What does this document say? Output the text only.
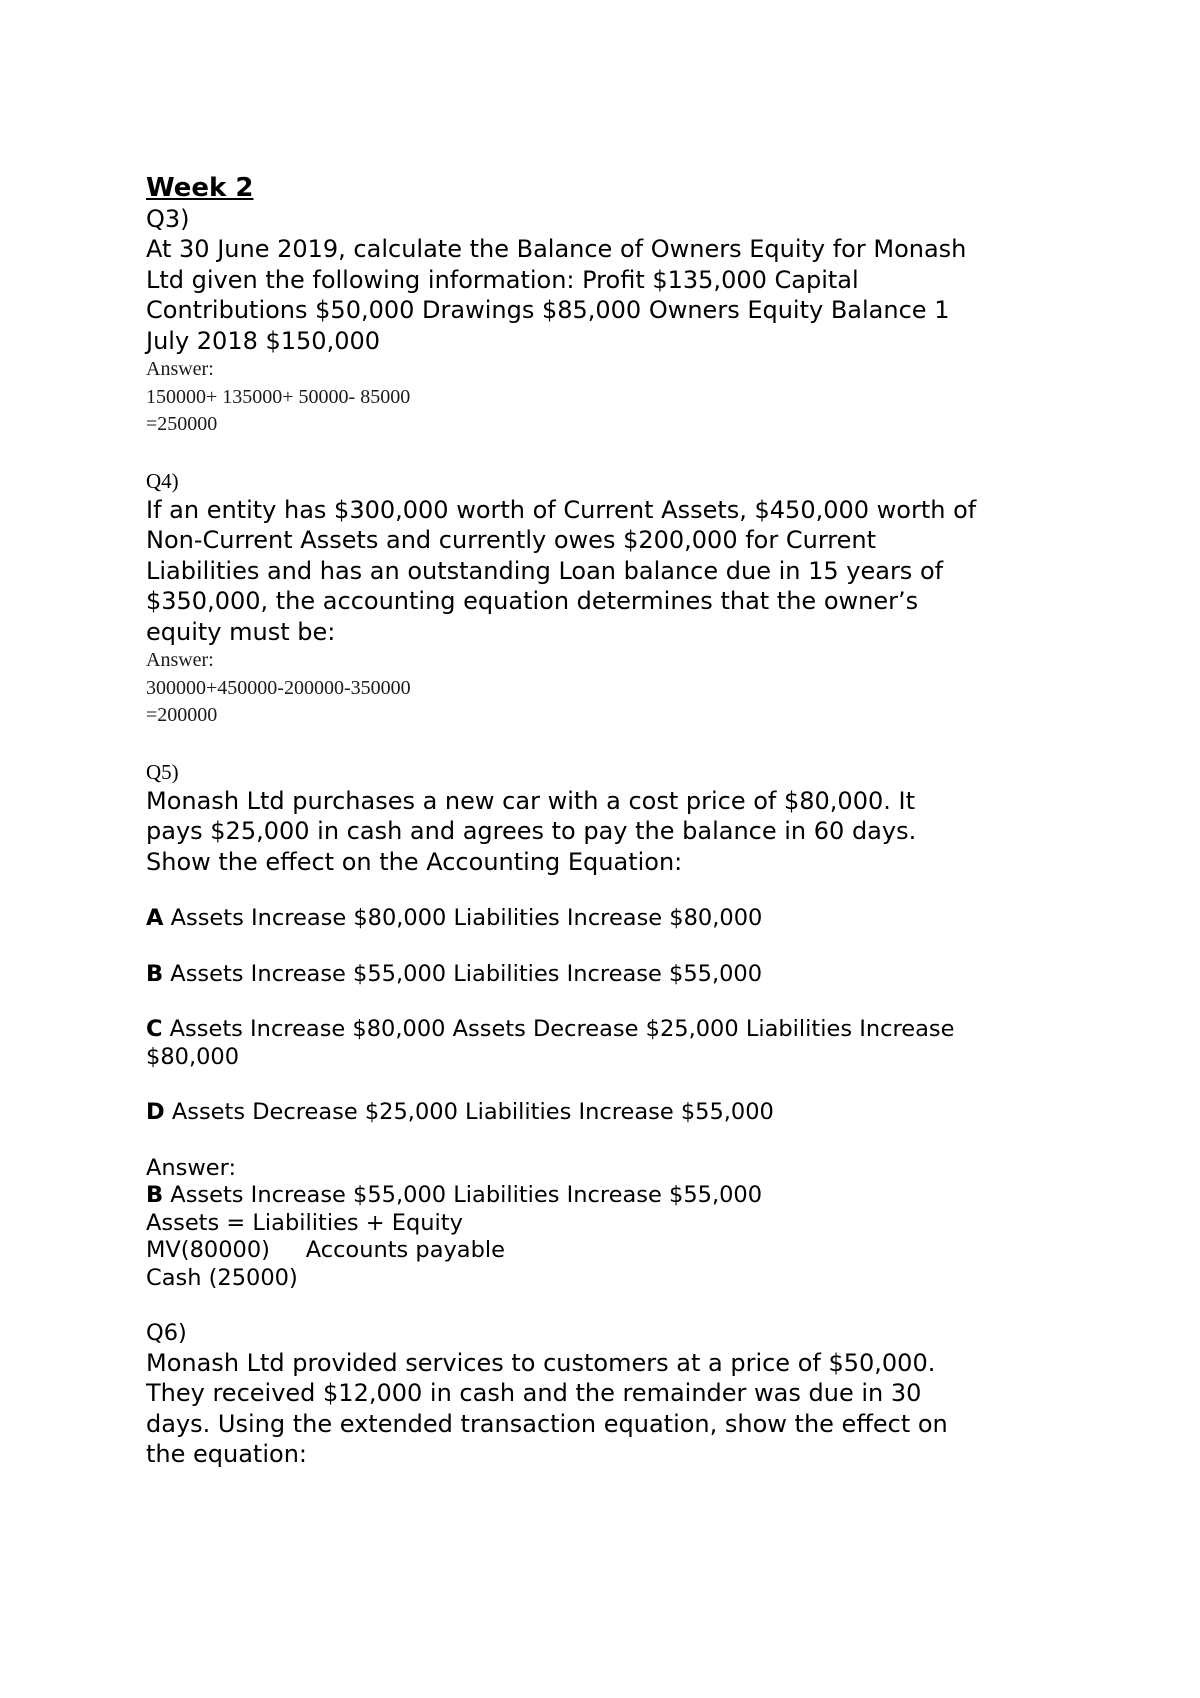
Week 2

Q3)

At 30 June 2019, calculate the Balance of Owners Equity for Monash

Ltd given the following information: Profit $135,000 Capital

Contributions $50,000 Drawings $85,000 Owners Equity Balance 1

July 2018 $150,000

Answer:

150000+ 135000+ 50000- 85000

=250000

Q4)

If an entity has $300,000 worth of Current Assets, $450,000 worth of

Non-Current Assets and currently owes $200,000 for Current

Liabilities and has an outstanding Loan balance due in 15 years of

$350,000, the accounting equation determines that the owner’s

equity must be:

Answer:

300000+450000-200000-350000

=200000

Q5)

Monash Ltd purchases a new car with a cost price of $80,000. It

pays $25,000 in cash and agrees to pay the balance in 60 days.

Show the effect on the Accounting Equation:

A Assets Increase $80,000 Liabilities Increase $80,000

B Assets Increase $55,000 Liabilities Increase $55,000

C Assets Increase $80,000 Assets Decrease $25,000 Liabilities Increase

$80,000

D Assets Decrease $25,000 Liabilities Increase $55,000

Answer:

B Assets Increase $55,000 Liabilities Increase $55,000

Assets = Liabilities + Equity

MV(80000)     Accounts payable

Cash (25000)

Q6)

Monash Ltd provided services to customers at a price of $50,000.

They received $12,000 in cash and the remainder was due in 30

days. Using the extended transaction equation, show the effect on

the equation:
